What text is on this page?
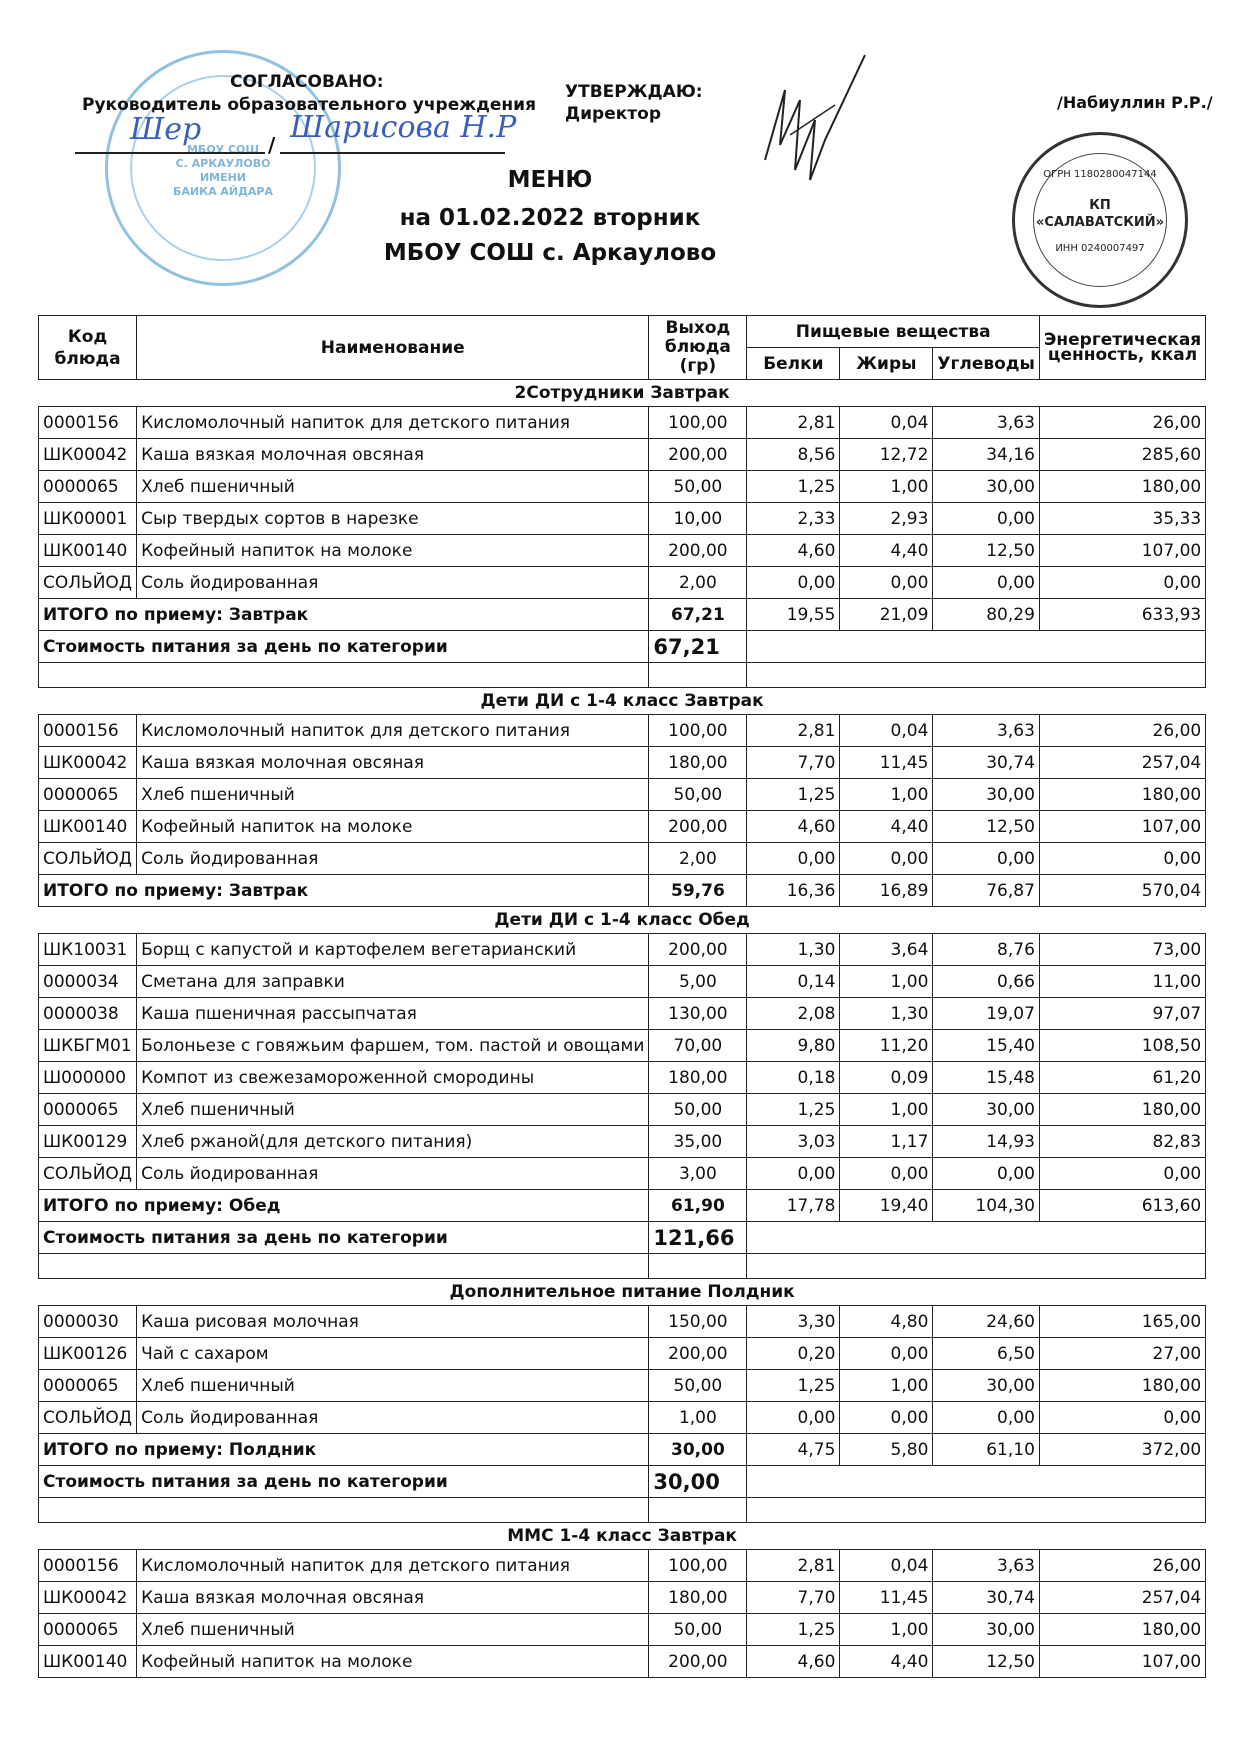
МБОУ СОШ
С. АРКАУЛОВО
ИМЕНИ
БАИКА АЙДАРА
ОГРН 1180280047144
КП
«САЛАВАТСКИЙ»
ИНН 0240007497
СОГЛАСОВАНО:
Руководитель образовательного учреждения
Шер	Шарисова Н.Р
/
УТВЕРЖДАЮ:
Директор
/Набиуллин Р.Р./
МЕНЮ
на 01.02.2022 вторник
МБОУ СОШ с. Аркаулово
Код блюда	Наименование	Выход блюда (гр)	Пищевые вещества			Энергетическая ценность, ккал
			Белки	Жиры	Углеводы	
2Сотрудники Завтрак						
0000156	Кисломолочный напиток для детского питания	100,00	2,81	0,04	3,63	26,00
ШК00042	Каша вязкая молочная овсяная	200,00	8,56	12,72	34,16	285,60
0000065	Хлеб пшеничный	50,00	1,25	1,00	30,00	180,00
ШК00001	Сыр твердых сортов в нарезке	10,00	2,33	2,93	0,00	35,33
ШК00140	Кофейный напиток на молоке	200,00	4,60	4,40	12,50	107,00
СОЛЬЙОД	Соль йодированная	2,00	0,00	0,00	0,00	0,00
ИТОГО по приему: Завтрак		67,21	19,55	21,09	80,29	633,93
Стоимость питания за день по категории		67,21				

Дети ДИ с 1-4 класс Завтрак						
0000156	Кисломолочный напиток для детского питания	100,00	2,81	0,04	3,63	26,00
ШК00042	Каша вязкая молочная овсяная	180,00	7,70	11,45	30,74	257,04
0000065	Хлеб пшеничный	50,00	1,25	1,00	30,00	180,00
ШК00140	Кофейный напиток на молоке	200,00	4,60	4,40	12,50	107,00
СОЛЬЙОД	Соль йодированная	2,00	0,00	0,00	0,00	0,00
ИТОГО по приему: Завтрак		59,76	16,36	16,89	76,87	570,04
Дети ДИ с 1-4 класс Обед						
ШК10031	Борщ с капустой и картофелем вегетарианский	200,00	1,30	3,64	8,76	73,00
0000034	Сметана для заправки	5,00	0,14	1,00	0,66	11,00
0000038	Каша пшеничная рассыпчатая	130,00	2,08	1,30	19,07	97,07
ШКБГМ01	Болоньезе с говяжьим фаршем, том. пастой и овощами	70,00	9,80	11,20	15,40	108,50
Ш000000	Компот из свежезамороженной смородины	180,00	0,18	0,09	15,48	61,20
0000065	Хлеб пшеничный	50,00	1,25	1,00	30,00	180,00
ШК00129	Хлеб ржаной(для детского питания)	35,00	3,03	1,17	14,93	82,83
СОЛЬЙОД	Соль йодированная	3,00	0,00	0,00	0,00	0,00
ИТОГО по приему: Обед		61,90	17,78	19,40	104,30	613,60
Стоимость питания за день по категории		121,66				

Дополнительное питание Полдник						
0000030	Каша рисовая молочная	150,00	3,30	4,80	24,60	165,00
ШК00126	Чай с сахаром	200,00	0,20	0,00	6,50	27,00
0000065	Хлеб пшеничный	50,00	1,25	1,00	30,00	180,00
СОЛЬЙОД	Соль йодированная	1,00	0,00	0,00	0,00	0,00
ИТОГО по приему: Полдник		30,00	4,75	5,80	61,10	372,00
Стоимость питания за день по категории		30,00				

ММС 1-4 класс Завтрак						
0000156	Кисломолочный напиток для детского питания	100,00	2,81	0,04	3,63	26,00
ШК00042	Каша вязкая молочная овсяная	180,00	7,70	11,45	30,74	257,04
0000065	Хлеб пшеничный	50,00	1,25	1,00	30,00	180,00
ШК00140	Кофейный напиток на молоке	200,00	4,60	4,40	12,50	107,00
